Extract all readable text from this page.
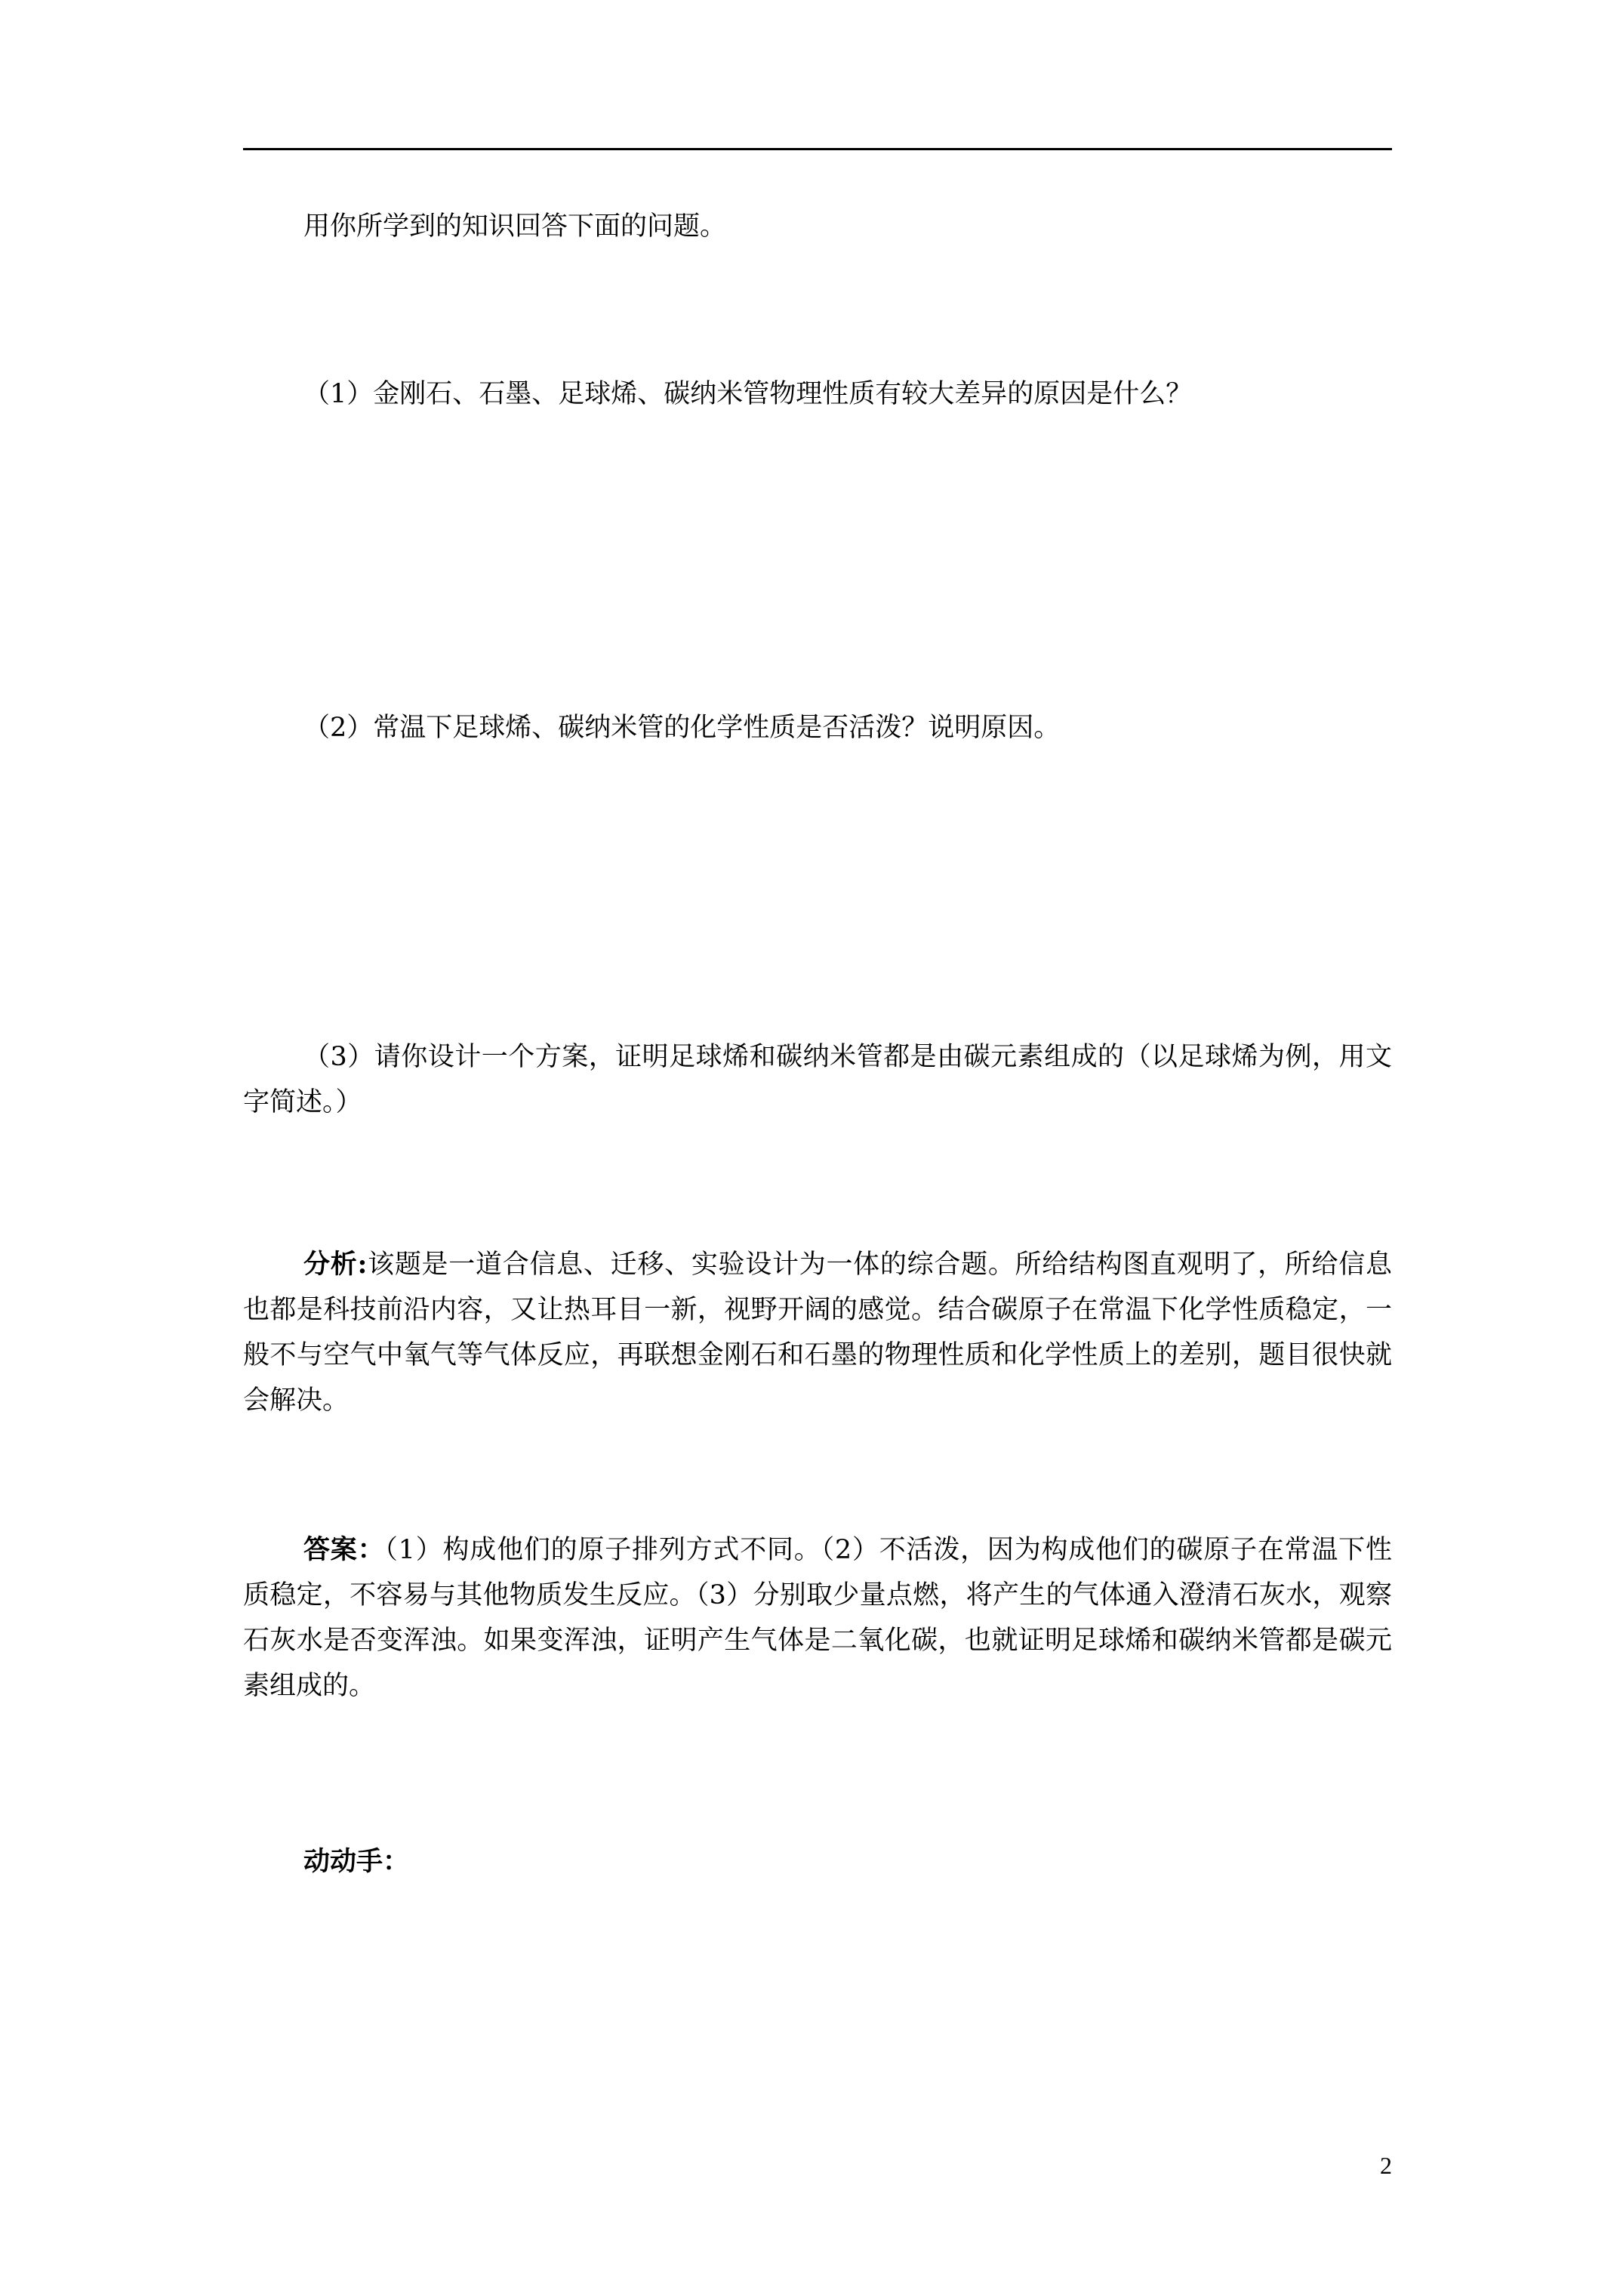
用你所学到的知识回答下面的问题。

（1）金刚石、石墨、足球烯、碳纳米管物理性质有较大差异的原因是什么？

（2）常温下足球烯、碳纳米管的化学性质是否活泼？说明原因。

（3）请你设计一个方案，证明足球烯和碳纳米管都是由碳元素组成的（以足球烯为例，用文字简述。）

分析:该题是一道合信息、迁移、实验设计为一体的综合题。所给结构图直观明了，所给信息也都是科技前沿内容，又让热耳目一新，视野开阔的感觉。结合碳原子在常温下化学性质稳定，一般不与空气中氧气等气体反应，再联想金刚石和石墨的物理性质和化学性质上的差别，题目很快就会解决。

答案：（1）构成他们的原子排列方式不同。（2）不活泼，因为构成他们的碳原子在常温下性质稳定，不容易与其他物质发生反应。（3）分别取少量点燃，将产生的气体通入澄清石灰水，观察石灰水是否变浑浊。如果变浑浊，证明产生气体是二氧化碳，也就证明足球烯和碳纳米管都是碳元素组成的。

动动手：

2
